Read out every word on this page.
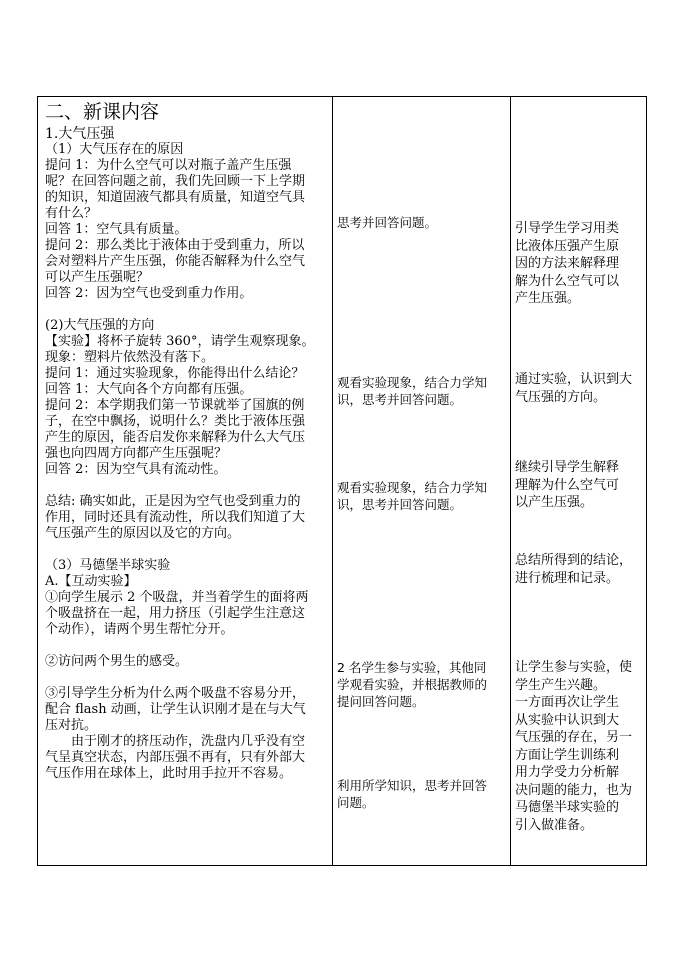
二、新课内容
1.大气压强
（1）大气压存在的原因
提问 1：为什么空气可以对瓶子盖产生压强
呢？在回答问题之前，我们先回顾一下上学期
的知识，知道固液气都具有质量，知道空气具
有什么？
回答 1：空气具有质量。
提问 2：那么类比于液体由于受到重力，所以
会对塑料片产生压强，你能否解释为什么空气
可以产生压强呢？
回答 2：因为空气也受到重力作用。
(2)大气压强的方向
【实验】将杯子旋转 360°，请学生观察现象。
现象：塑料片依然没有落下。
提问 1：通过实验现象，你能得出什么结论？
回答 1：大气向各个方向都有压强。
提问 2：本学期我们第一节课就举了国旗的例
子，在空中飘扬，说明什么？类比于液体压强
产生的原因，能否启发你来解释为什么大气压
强也向四周方向都产生压强呢？
回答 2：因为空气具有流动性。
总结: 确实如此，正是因为空气也受到重力的
作用，同时还具有流动性，所以我们知道了大
气压强产生的原因以及它的方向。
（3）马德堡半球实验
A.【互动实验】
①向学生展示 2 个吸盘，并当着学生的面将两
个吸盘挤在一起，用力挤压（引起学生注意这
个动作），请两个男生帮忙分开。
②访问两个男生的感受。
③引导学生分析为什么两个吸盘不容易分开，
配合 flash 动画，让学生认识刚才是在与大气
压对抗。
由于刚才的挤压动作，洗盘内几乎没有空
气呈真空状态，内部压强不再有，只有外部大
气压作用在球体上，此时用手拉开不容易。
思考并回答问题。
观看实验现象，结合力学知
识，思考并回答问题。
观看实验现象，结合力学知
识，思考并回答问题。
2 名学生参与实验，其他同
学观看实验，并根据教师的
提问回答问题。
利用所学知识，思考并回答
问题。
引导学生学习用类
比液体压强产生原
因的方法来解释理
解为什么空气可以
产生压强。
通过实验，认识到大
气压强的方向。
继续引导学生解释
理解为什么空气可
以产生压强。
总结所得到的结论，
进行梳理和记录。
让学生参与实验，使
学生产生兴趣。
一方面再次让学生
从实验中认识到大
气压强的存在，另一
方面让学生训练利
用力学受力分析解
决问题的能力，也为
马德堡半球实验的
引入做准备。
